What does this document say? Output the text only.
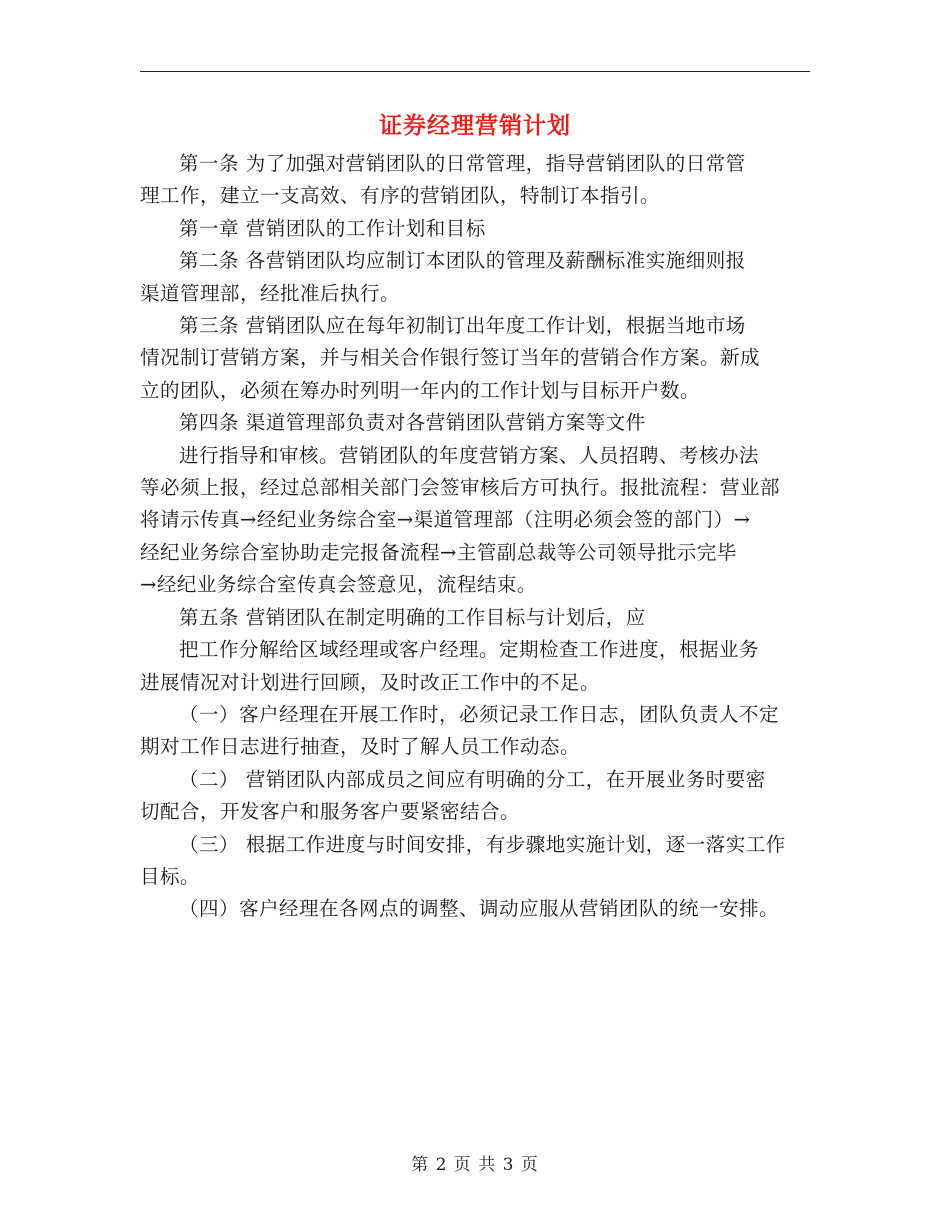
证券经理营销计划
第一条 为了加强对营销团队的日常管理，指导营销团队的日常管
理工作，建立一支高效、有序的营销团队，特制订本指引。
第一章 营销团队的工作计划和目标
第二条 各营销团队均应制订本团队的管理及薪酬标准实施细则报
渠道管理部，经批准后执行。
第三条 营销团队应在每年初制订出年度工作计划，根据当地市场
情况制订营销方案，并与相关合作银行签订当年的营销合作方案。新成
立的团队，必须在筹办时列明一年内的工作计划与目标开户数。
第四条 渠道管理部负责对各营销团队营销方案等文件
进行指导和审核。营销团队的年度营销方案、人员招聘、考核办法
等必须上报，经过总部相关部门会签审核后方可执行。报批流程：营业部
将请示传真→经纪业务综合室→渠道管理部（注明必须会签的部门）→
经纪业务综合室协助走完报备流程→主管副总裁等公司领导批示完毕
→经纪业务综合室传真会签意见，流程结束。
第五条 营销团队在制定明确的工作目标与计划后，应
把工作分解给区域经理或客户经理。定期检查工作进度，根据业务
进展情况对计划进行回顾，及时改正工作中的不足。
（一）客户经理在开展工作时，必须记录工作日志，团队负责人不定
期对工作日志进行抽查，及时了解人员工作动态。
（二） 营销团队内部成员之间应有明确的分工，在开展业务时要密
切配合，开发客户和服务客户要紧密结合。
（三） 根据工作进度与时间安排，有步骤地实施计划，逐一落实工作
目标。
（四）客户经理在各网点的调整、调动应服从营销团队的统一安排。
第 2 页 共 3 页
